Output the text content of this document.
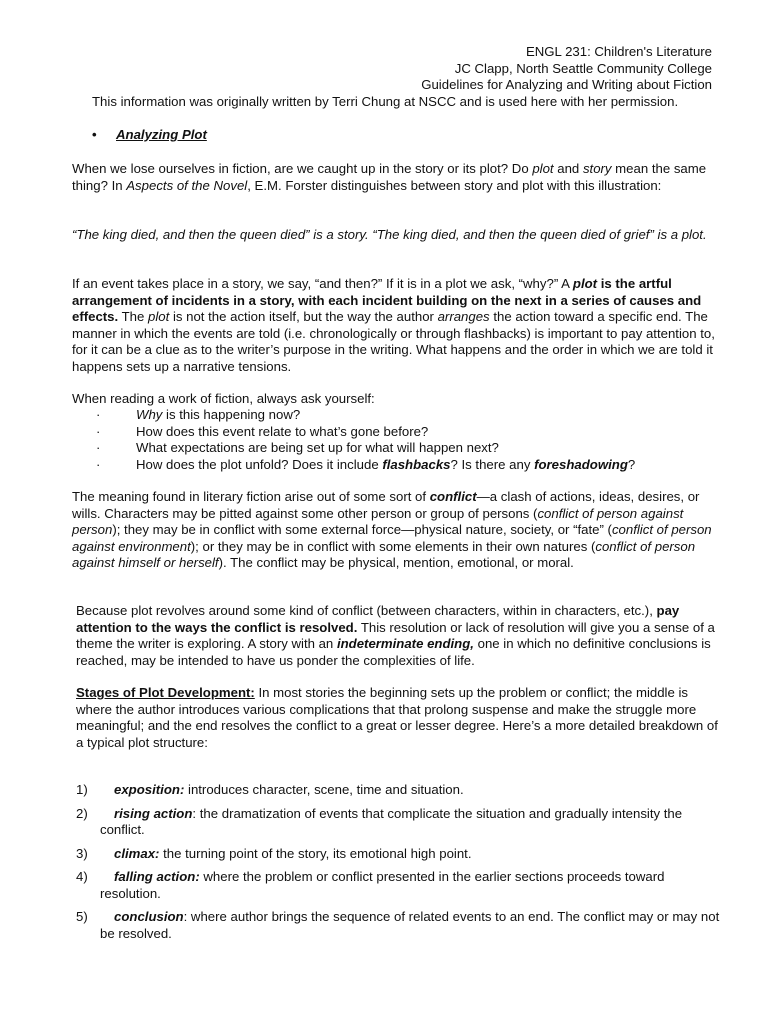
ENGL 231: Children's Literature
JC Clapp, North Seattle Community College
Guidelines for Analyzing and Writing about Fiction
This information was originally written by Terri Chung at NSCC and is used here with her permission.
• Analyzing Plot

When we lose ourselves in fiction, are we caught up in the story or its plot? Do plot and story mean the same thing? In Aspects of the Novel, E.M. Forster distinguishes between story and plot with this illustration:

“The king died, and then the queen died” is a story. “The king died, and then the queen died of grief” is a plot.

If an event takes place in a story, we say, “and then?” If it is in a plot we ask, “why?” A plot is the artful arrangement of incidents in a story, with each incident building on the next in a series of causes and effects. The plot is not the action itself, but the way the author arranges the action toward a specific end. The manner in which the events are told (i.e. chronologically or through flashbacks) is important to pay attention to, for it can be a clue as to the writer’s purpose in the writing. What happens and the order in which we are told it happens sets up a narrative tensions.

When reading a work of fiction, always ask yourself:

·	Why is this happening now?
·	How does this event relate to what’s gone before?
·	What expectations are being set up for what will happen next?
·	How does the plot unfold? Does it include flashbacks? Is there any foreshadowing?

The meaning found in literary fiction arise out of some sort of conflict—a clash of actions, ideas, desires, or wills. Characters may be pitted against some other person or group of persons (conflict of person against person); they may be in conflict with some external force—physical nature, society, or “fate” (conflict of person against environment); or they may be in conflict with some elements in their own natures (conflict of person against himself or herself). The conflict may be physical, mention, emotional, or moral.

Because plot revolves around some kind of conflict (between characters, within in characters, etc.), pay attention to the ways the conflict is resolved. This resolution or lack of resolution will give you a sense of a theme the writer is exploring. A story with an indeterminate ending, one in which no definitive conclusions is reached, may be intended to have us ponder the complexities of life.

Stages of Plot Development: In most stories the beginning sets up the problem or conflict; the middle is where the author introduces various complications that that prolong suspense and make the struggle more meaningful; and the end resolves the conflict to a great or lesser degree. Here’s a more detailed breakdown of a typical plot structure:

1) exposition: introduces character, scene, time and situation.
2) rising action: the dramatization of events that complicate the situation and gradually intensity the conflict.
3) climax: the turning point of the story, its emotional high point.
4) falling action: where the problem or conflict presented in the earlier sections proceeds toward resolution.
5) conclusion: where author brings the sequence of related events to an end. The conflict may or may not be resolved.
